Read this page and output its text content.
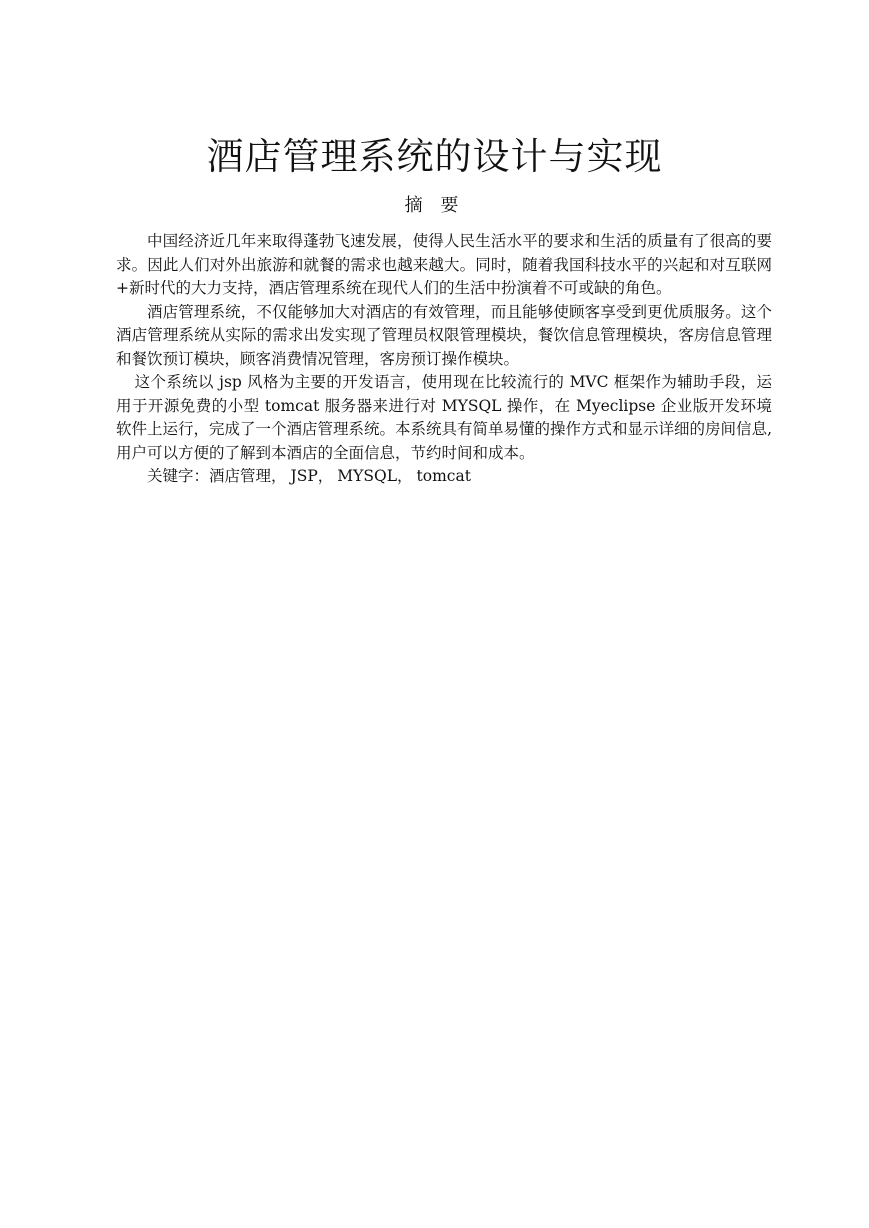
酒店管理系统的设计与实现
摘 要

中国经济近几年来取得蓬勃飞速发展，使得人民生活水平的要求和生活的质量有了很高的要求。因此人们对外出旅游和就餐的需求也越来越大。同时，随着我国科技水平的兴起和对互联网+新时代的大力支持，酒店管理系统在现代人们的生活中扮演着不可或缺的角色。

酒店管理系统，不仅能够加大对酒店的有效管理，而且能够使顾客享受到更优质服务。这个酒店管理系统从实际的需求出发实现了管理员权限管理模块，餐饮信息管理模块，客房信息管理和餐饮预订模块，顾客消费情况管理，客房预订操作模块。

这个系统以 jsp 风格为主要的开发语言，使用现在比较流行的 MVC 框架作为辅助手段，运用于开源免费的小型 tomcat 服务器来进行对 MYSQL 操作，在 Myeclipse 企业版开发环境软件上运行，完成了一个酒店管理系统。本系统具有简单易懂的操作方式和显示详细的房间信息,用户可以方便的了解到本酒店的全面信息，节约时间和成本。

关键字：酒店管理， JSP， MYSQL， tomcat
